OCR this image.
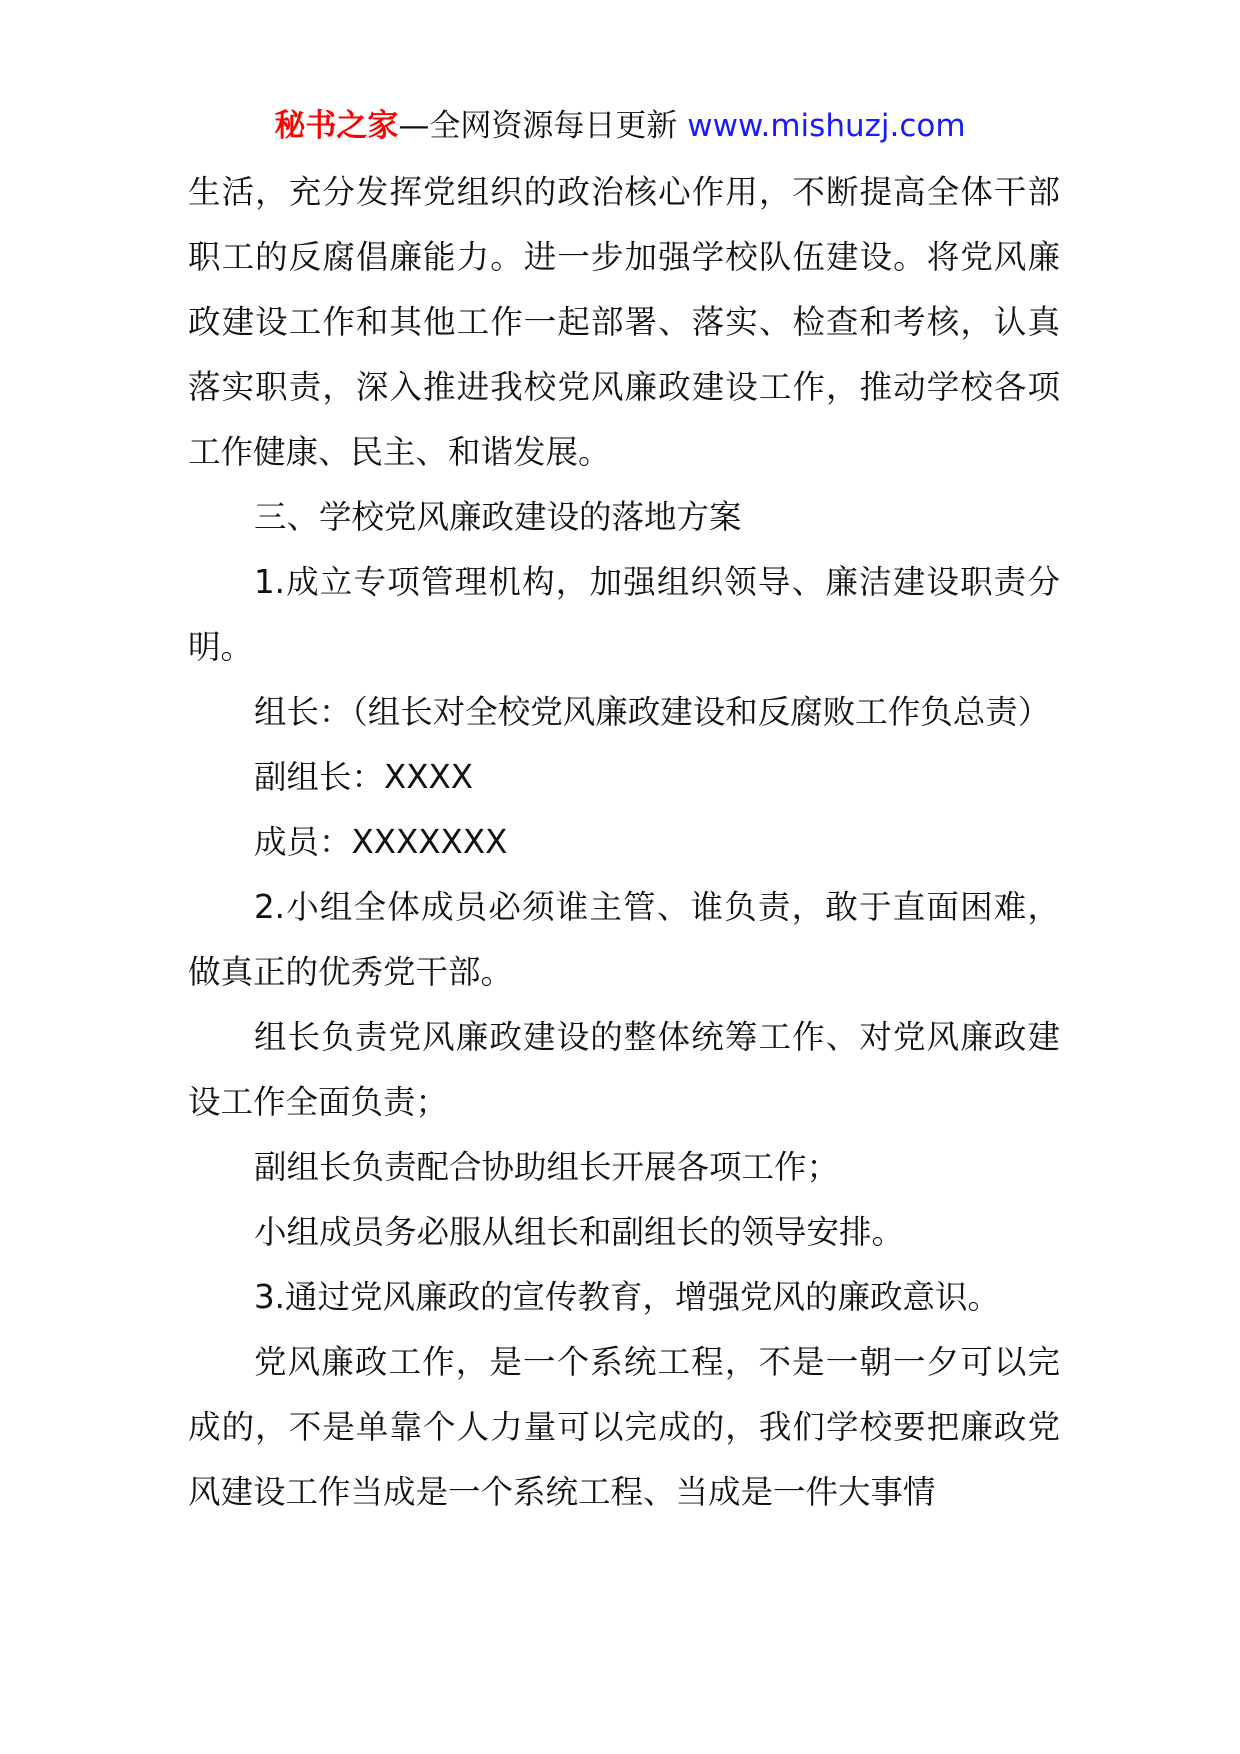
秘书之家—全网资源每日更新 www.mishuzj.com

生活，充分发挥党组织的政治核心作用，不断提高全体干部职工的反腐倡廉能力。进一步加强学校队伍建设。将党风廉政建设工作和其他工作一起部署、落实、检查和考核，认真落实职责，深入推进我校党风廉政建设工作，推动学校各项工作健康、民主、和谐发展。

三、学校党风廉政建设的落地方案

1.成立专项管理机构，加强组织领导、廉洁建设职责分明。

组长：（组长对全校党风廉政建设和反腐败工作负总责）

副组长：XXXX

成员：XXXXXXX

2.小组全体成员必须谁主管、谁负责，敢于直面困难，做真正的优秀党干部。

组长负责党风廉政建设的整体统筹工作、对党风廉政建设工作全面负责；

副组长负责配合协助组长开展各项工作；

小组成员务必服从组长和副组长的领导安排。

3.通过党风廉政的宣传教育，增强党风的廉政意识。

党风廉政工作，是一个系统工程，不是一朝一夕可以完成的，不是单靠个人力量可以完成的，我们学校要把廉政党风建设工作当成是一个系统工程、当成是一件大事情
